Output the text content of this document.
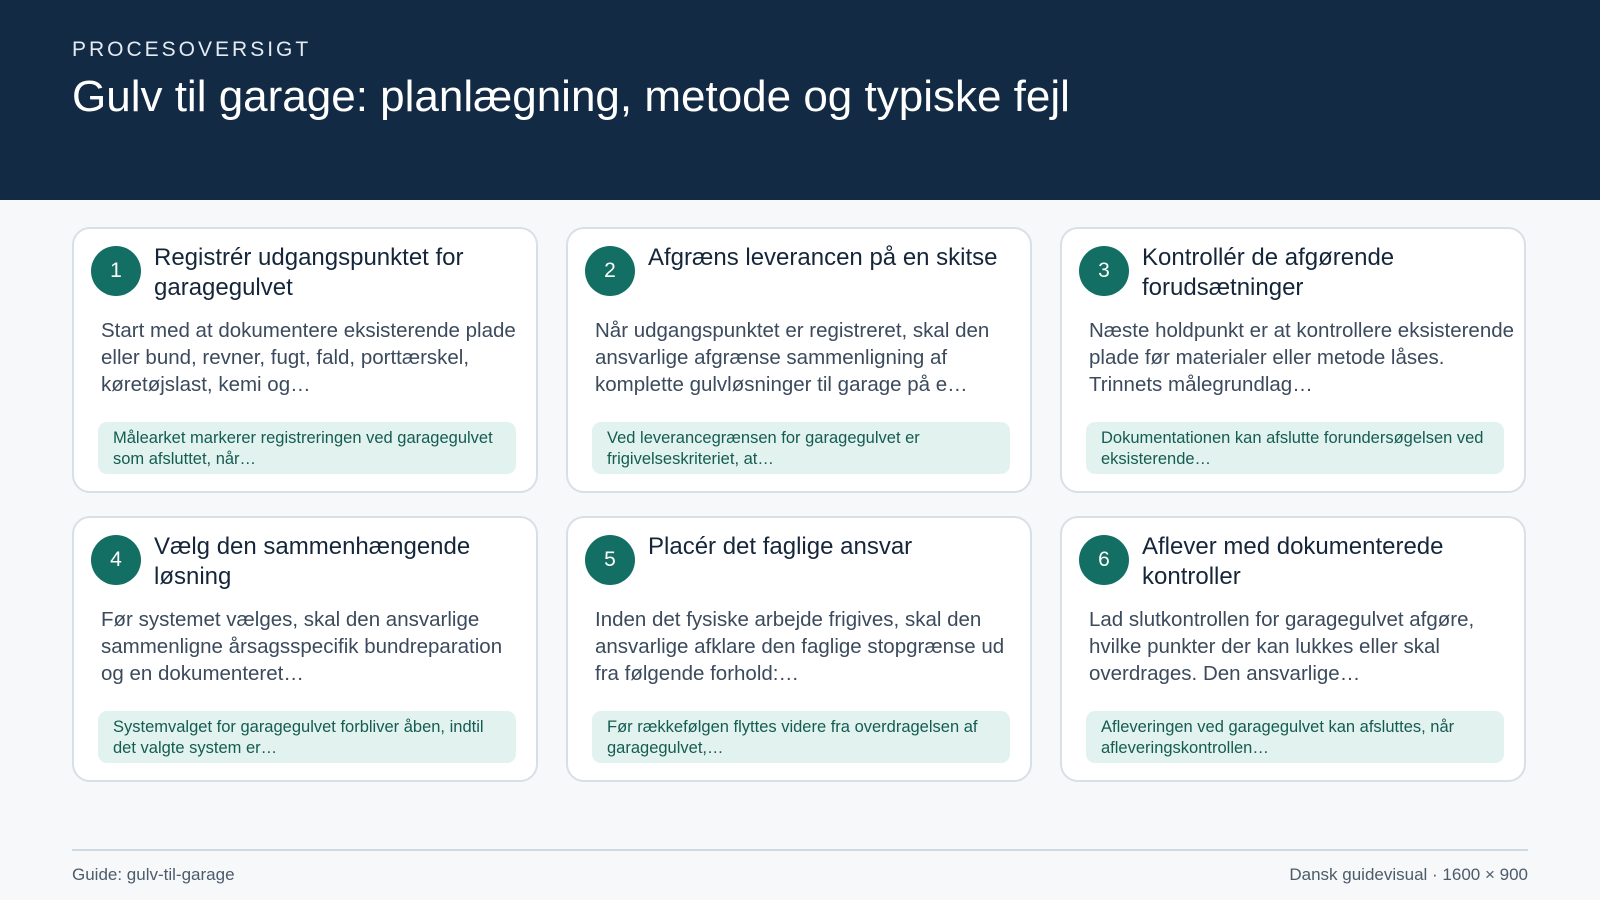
PROCESOVERSIGT
Gulv til garage: planlægning, metode og typiske fejl
1	Registrér udgangspunktet for garagegulvet
Start med at dokumentere eksisterende plade eller bund, revner, fugt, fald, porttærskel, køretøjslast, kemi og…
Målearket markerer registreringen ved garagegulvet som afsluttet, når…
2	Afgræns leverancen på en skitse
Når udgangspunktet er registreret, skal den ansvarlige afgrænse sammenligning af komplette gulvløsninger til garage på e…
Ved leverancegrænsen for garagegulvet er frigivelseskriteriet, at…
3	Kontrollér de afgørende forudsætninger
Næste holdpunkt er at kontrollere eksisterende plade før materialer eller metode låses. Trinnets målegrundlag…
Dokumentationen kan afslutte forundersøgelsen ved eksisterende…
4	Vælg den sammenhængende løsning
Før systemet vælges, skal den ansvarlige sammenligne årsagsspecifik bundreparation og en dokumenteret…
Systemvalget for garagegulvet forbliver åben, indtil det valgte system er…
5	Placér det faglige ansvar
Inden det fysiske arbejde frigives, skal den ansvarlige afklare den faglige stopgrænse ud fra følgende forhold:…
Før rækkefølgen flyttes videre fra overdragelsen af garagegulvet,…
6	Aflever med dokumenterede kontroller
Lad slutkontrollen for garagegulvet afgøre, hvilke punkter der kan lukkes eller skal overdrages. Den ansvarlige…
Afleveringen ved garagegulvet kan afsluttes, når afleveringskontrollen…
Guide: gulv-til-garage	Dansk guidevisual · 1600 × 900
